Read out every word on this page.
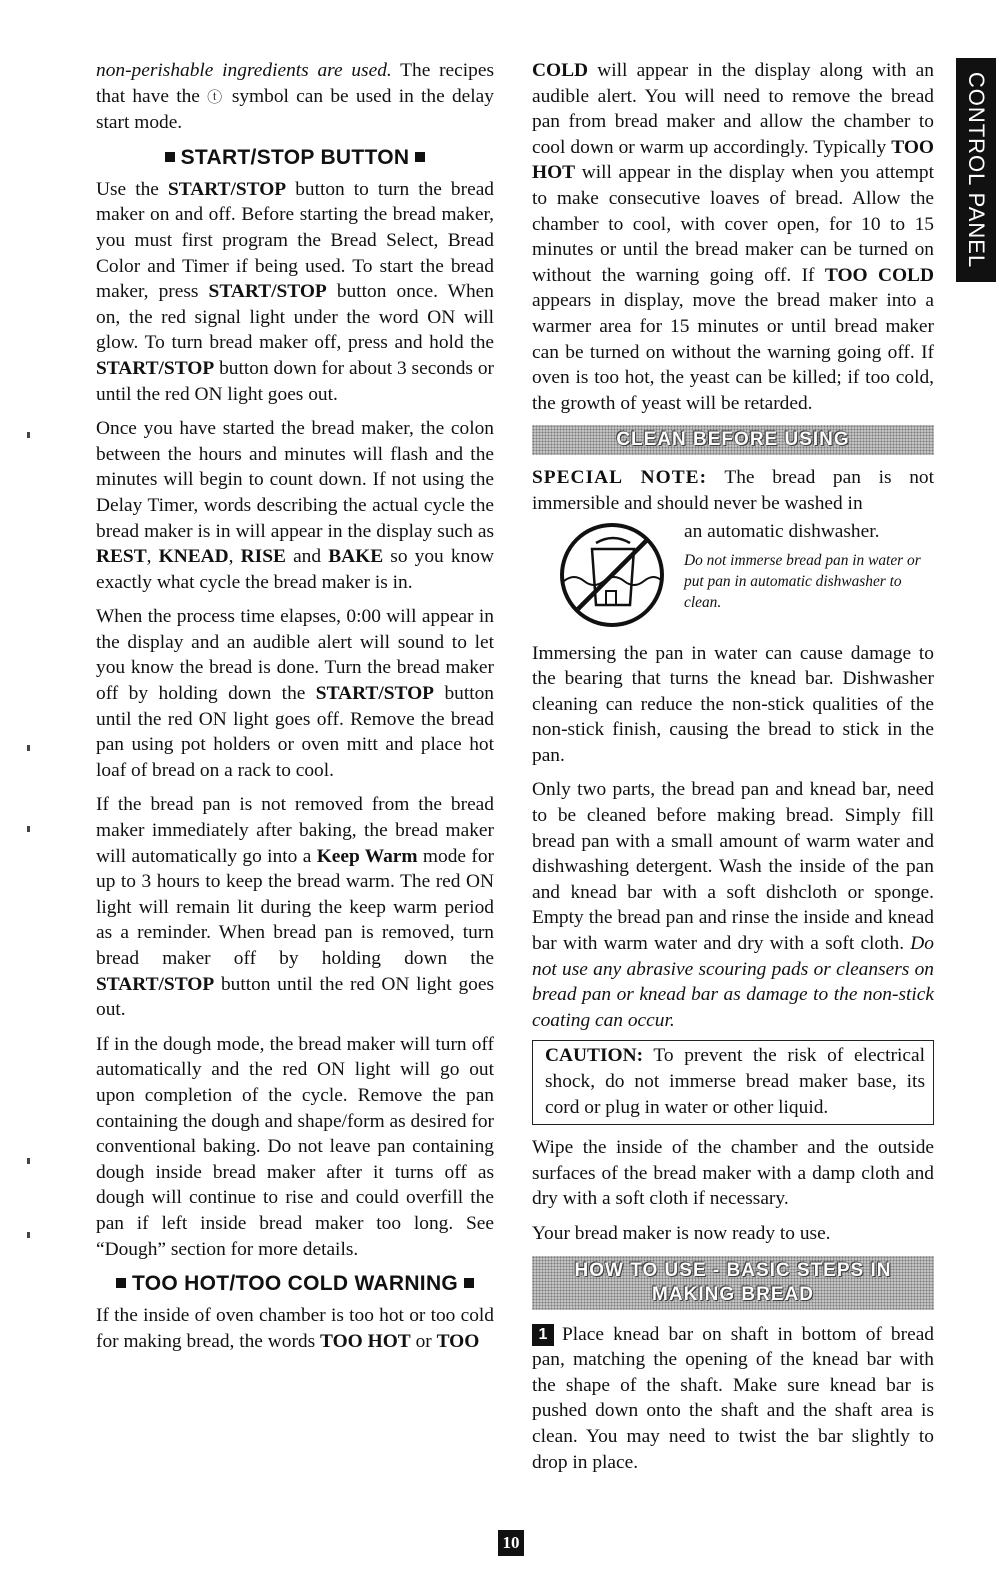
non-perishable ingredients are used. The recipes that have the ⓣ symbol can be used in the delay start mode.

START/STOP BUTTON

Use the START/STOP button to turn the bread maker on and off. Before starting the bread maker, you must first program the Bread Select, Bread Color and Timer if being used. To start the bread maker, press START/STOP button once. When on, the red signal light under the word ON will glow. To turn bread maker off, press and hold the START/STOP button down for about 3 seconds or until the red ON light goes out.

Once you have started the bread maker, the colon between the hours and minutes will flash and the minutes will begin to count down. If not using the Delay Timer, words describing the actual cycle the bread maker is in will appear in the display such as REST, KNEAD, RISE and BAKE so you know exactly what cycle the bread maker is in.

When the process time elapses, 0:00 will appear in the display and an audible alert will sound to let you know the bread is done. Turn the bread maker off by holding down the START/STOP button until the red ON light goes off. Remove the bread pan using pot holders or oven mitt and place hot loaf of bread on a rack to cool.

If the bread pan is not removed from the bread maker immediately after baking, the bread maker will automatically go into a Keep Warm mode for up to 3 hours to keep the bread warm. The red ON light will remain lit during the keep warm period as a reminder. When bread pan is removed, turn bread maker off by holding down the START/STOP button until the red ON light goes out.

If in the dough mode, the bread maker will turn off automatically and the red ON light will go out upon completion of the cycle. Remove the pan containing the dough and shape/form as desired for conventional baking. Do not leave pan containing dough inside bread maker after it turns off as dough will continue to rise and could overfill the pan if left inside bread maker too long. See “Dough” section for more details.

TOO HOT/TOO COLD WARNING

If the inside of oven chamber is too hot or too cold for making bread, the words TOO HOT or TOO

COLD will appear in the display along with an audible alert. You will need to remove the bread pan from bread maker and allow the chamber to cool down or warm up accordingly. Typically TOO HOT will appear in the display when you attempt to make consecutive loaves of bread. Allow the chamber to cool, with cover open, for 10 to 15 minutes or until the bread maker can be turned on without the warning going off. If TOO COLD appears in display, move the bread maker into a warmer area for 15 minutes or until bread maker can be turned on without the warning going off. If oven is too hot, the yeast can be killed; if too cold, the growth of yeast will be retarded.

CLEAN BEFORE USING

SPECIAL NOTE: The bread pan is not immersible and should never be washed in

an automatic dishwasher.

Do not immerse bread pan in water or put pan in automatic dishwasher to clean.

Immersing the pan in water can cause damage to the bearing that turns the knead bar. Dishwasher cleaning can reduce the non-stick qualities of the non-stick finish, causing the bread to stick in the pan.

Only two parts, the bread pan and knead bar, need to be cleaned before making bread. Simply fill bread pan with a small amount of warm water and dishwashing detergent. Wash the inside of the pan and knead bar with a soft dishcloth or sponge. Empty the bread pan and rinse the inside and knead bar with warm water and dry with a soft cloth. Do not use any abrasive scouring pads or cleansers on bread pan or knead bar as damage to the non-stick coating can occur.

CAUTION: To prevent the risk of electrical shock, do not immerse bread maker base, its cord or plug in water or other liquid.

Wipe the inside of the chamber and the outside surfaces of the bread maker with a damp cloth and dry with a soft cloth if necessary.

Your bread maker is now ready to use.

HOW TO USE - BASIC STEPS IN
MAKING BREAD

1 Place knead bar on shaft in bottom of bread pan, matching the opening of the knead bar with the shape of the shaft. Make sure knead bar is pushed down onto the shaft and the shaft area is clean. You may need to twist the bar slightly to drop in place.

CONTROL PANEL
10
